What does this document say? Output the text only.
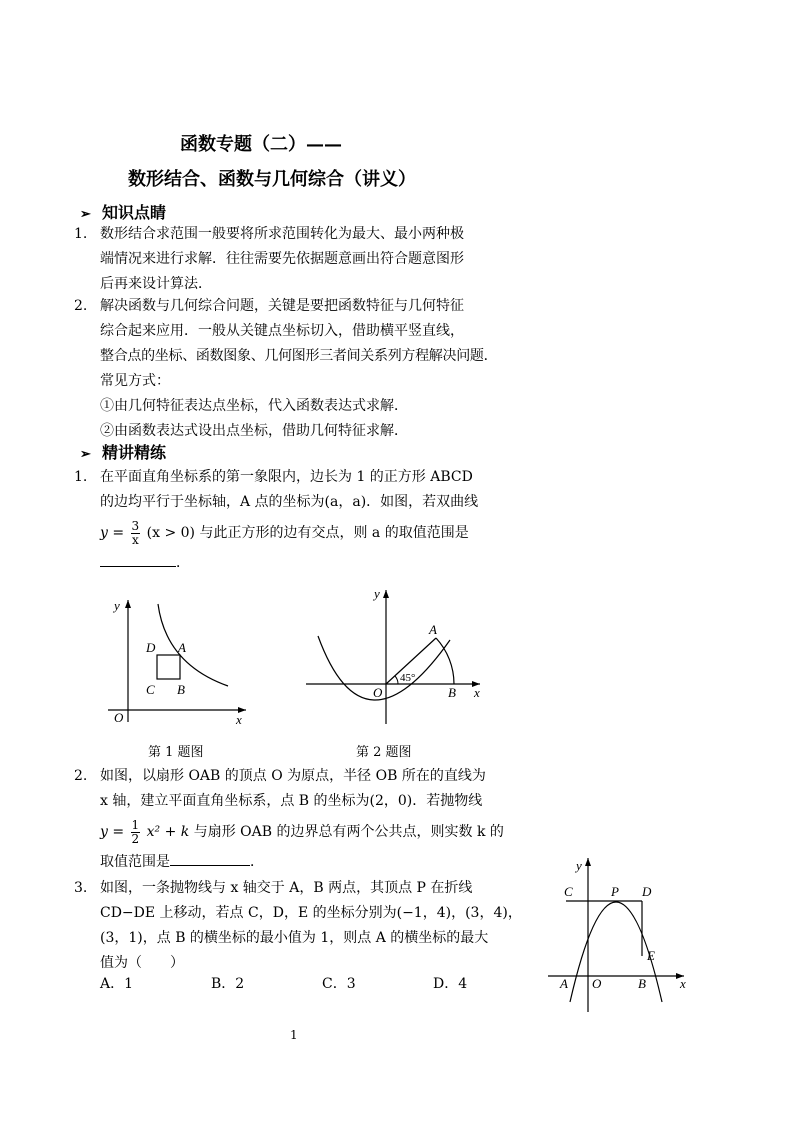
函数专题（二）——
数形结合、函数与几何综合（讲义）
➢ 知识点睛
1. 数形结合求范围一般要将所求范围转化为最大、最小两种极
端情况来进行求解．往往需要先依据题意画出符合题意图形
后再来设计算法．
2. 解决函数与几何综合问题，关键是要把函数特征与几何特征
综合起来应用．一般从关键点坐标切入，借助横平竖直线，
整合点的坐标、函数图象、几何图形三者间关系列方程解决问题．
常见方式：
①由几何特征表达点坐标，代入函数表达式求解．
②由函数表达式设出点坐标，借助几何特征求解．
➢ 精讲精练
1. 在平面直角坐标系的第一象限内，边长为 1 的正方形 ABCD
的边均平行于坐标轴，A 点的坐标为(a，a)．如图，若双曲线
$y = \frac{3}{x} (x > 0)$ 与此正方形的边有交点，则 a 的取值范围是
．
y
x
O
D A
C B
第 1 题图
y
x
O
A
B
45°
第 2 题图
2. 如图，以扇形 OAB 的顶点 O 为原点，半径 OB 所在的直线为
x 轴，建立平面直角坐标系，点 B 的坐标为(2，0)．若抛物线
$y = \frac{1}{2} x^2 + k$ 与扇形 OAB 的边界总有两个公共点，则实数 k 的
取值范围是	．
3. 如图，一条抛物线与 x 轴交于 A，B 两点，其顶点 P 在折线
CD−DE 上移动，若点 C，D，E 的坐标分别为(−1，4)，(3，4)，
(3，1)，点 B 的横坐标的最小值为 1，则点 A 的横坐标的最大
值为（　　）
A．1	B．2	C．3	D．4
y
x
O
C	P D
E
A	B
1
